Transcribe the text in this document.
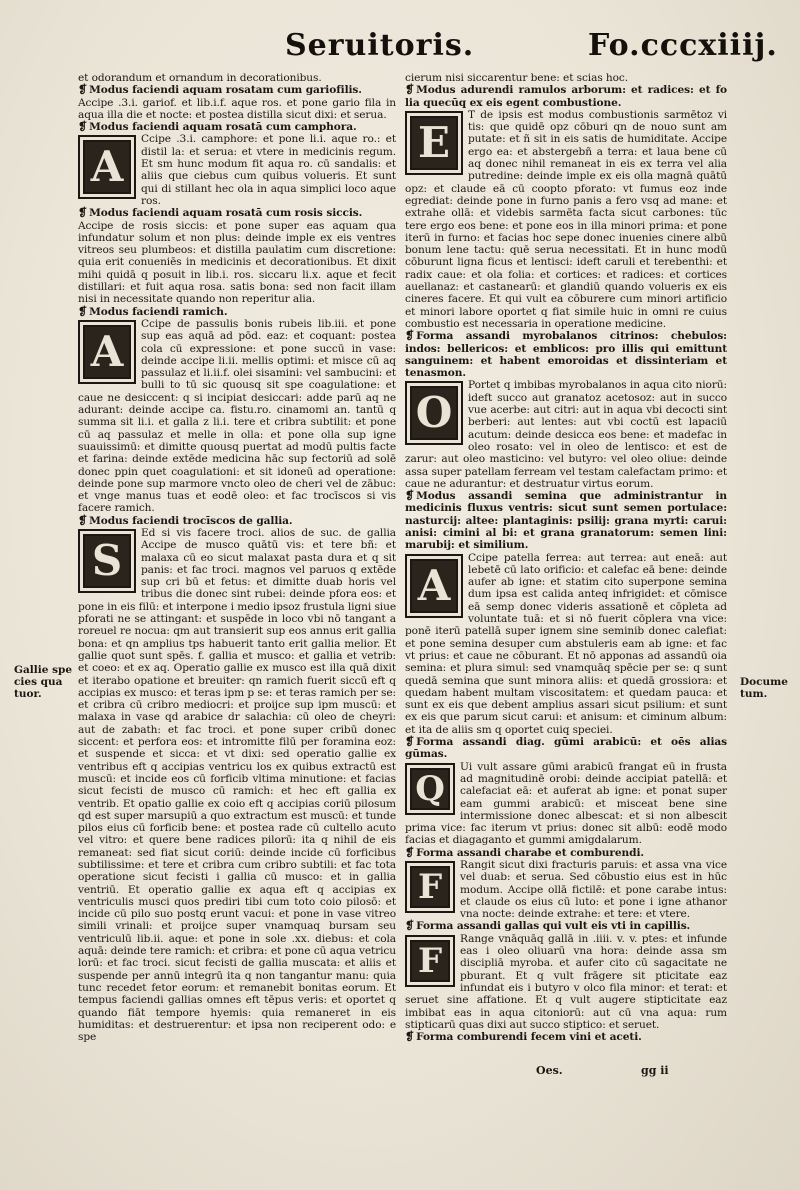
Seruitoris.	Fo.cccxiiij.

et odorandum et ornandum in decorationibus.

❡ Modus faciendi aquam rosatam cum gariofilis.

Accipe .3.i. gariof. et lib.i.f. aque ros. et pone gario fila in aqua illa die et nocte: et postea distilla sicut dixi: et serua.

❡ Modus faciendi aquam rosatā cum camphora.

A
Ccipe .3.i. camphore: et pone li.i. aque ro.: et distil la: et serua: et vtere in medicinis regum. Et sm hunc modum fit aqua ro. cū sandalis: et aliis que ciebus cum quibus volueris. Et sunt qui di stillant hec ola in aqua simplici loco aque ros.

❡ Modus faciendi aquam rosatā cum rosis siccis.

Accipe de rosis siccis: et pone super eas aquam qua infundatur solum et non plus: deinde imple ex eis ventres vitreos seu plumbeos: et distilla paulatim cum discretione: quia erit conueniēs in medicinis et decorationibus. Et dixit mihi quidā q posuit in lib.i. ros. siccaru li.x. aque et fecit distillari: et fuit aqua rosa. satis bona: sed non facit illam nisi in necessitate quando non reperitur alia.

❡ Modus faciendi ramich.

A
Ccipe de passulis bonis rubeis lib.iii. et pone sup eas aquā ad pōd. eaz: et coquant: postea cola cū expressione: et pone succū in vase: deinde accipe li.ii. mellis optimi: et misce cū aq passulaz et li.ii.f. olei sisamini: vel sambucini: et bulli to tū sic quousq sit spe coagulatione: et caue ne desiccent: q si incipiat desiccari: adde parū aq ne adurant: deinde accipe ca. fistu.ro. cinamomi an. tantū q summa sit li.i. et galla z li.i. tere et cribra subtilit: et pone cū aq passulaz et melle in olla: et pone olla sup igne suauissimū: et dimitte quousq puertat ad modū pultis facte et farina: deinde extēde medicina hāc sup fectoriū ad solē donec ppin quet coagulationi: et sit idoneū ad operatione: deinde pone sup marmore vncto oleo de cheri vel de zābuc: et vnge manus tuas et eodē oleo: et fac trocīscos si vis facere ramich.

❡ Modus faciendi trocīscos de gallia.

S
Ed si vis facere troci. alios de suc. de gallia Accipe de musco quātū vis: et tere bñ: et malaxa cū eo sicut malaxat pasta dura et q sit panis: et fac troci. magnos vel paruos q extēde sup cri bū et fetus: et dimitte duab horis vel tribus die donec sint rubei: deinde pfora eos: et pone in eis filū: et interpone i medio ipsoz frustula ligni siue pforati ne se attingant: et suspēde in loco vbi nō tangant a roreuel re nocua: qm aut transierit sup eos annus erit gallia bona: et qn amplius tps habuerit tanto erit gallia melior. Et gallie quot sunt spēs. f. gallia et musco: et gallia et vetrib: et coeo: et ex aq. Operatio gallie ex musco est illa quā dixit et iterabo opatione et breuiter: qn ramich fuerit siccū eft q accipias ex musco: et teras ipm p se: et teras ramich per se: et cribra cū cribro mediocri: et proijce sup ipm muscū: et malaxa in vase qd arabice dr salachia: cū oleo de cheyri: aut de zabath: et fac troci. et pone super cribū donec siccent: et perfora eos: et intromitte filū per foramina eoz: et suspende et sicca: et vt dixi: sed operatio gallie ex ventribus eft q accipias ventricu los ex quibus extractū est muscū: et incide eos cū forficib vltima minutione: et facias sicut fecisti de musco cū ramich: et hec eft gallia ex ventrib. Et opatio gallie ex coio eft q accipias coriū pilosum qd est super marsupiū a quo extractum est muscū: et tunde pilos eius cū forficib bene: et postea rade cū cultello acuto vel vitro: et quere bene radices pilorū: ita q nihil de eis remaneat: sed fiat sicut coriū: deinde incide cū forficibus subtilissime: et tere et cribra cum cribro subtili: et fac tota operatione sicut fecisti i gallia cū musco: et in gallia ventriū. Et operatio gallie ex aqua eft q accipias ex ventriculis musci quos prediri tibi cum toto coio pilosō: et incide cū pilo suo postq erunt vacui: et pone in vase vitreo simili vrinali: et proijce super vnamquaq bursam seu ventriculū lib.ii. aque: et pone in sole .xx. diebus: et cola aquā: deinde tere ramich: et cribra: et pone cū aqua vetricu lorū: et fac troci. sicut fecisti de gallia muscata: et aliis et suspende per annū integrū ita q non tangantur manu: quia tunc recedet fetor eorum: et remanebit bonitas eorum. Et tempus faciendi gallias omnes eft tēpus veris: et oportet q quando fiāt tempore hyemis: quia remaneret in eis humiditas: et destruerentur: et ipsa non reciperent odo: e spe

cierum nisi siccarentur bene: et scias hoc.

❡ Modus adurendi ramulos arborum: et radices: et fo lia quecūq ex eis egent combustione.

E
T de ipsis est modus combustionis sarmētoz vi tis: que quidē opz cōburi qn de nouo sunt am putate: et ñ sit in eis satis de humiditate. Accipe ergo ea: et abstergebñ a terra: et laua bene cū aq donec nihil remaneat in eis ex terra vel alia putredine: deinde imple ex eis olla magnā quātū opz: et claude eā cū coopto pforato: vt fumus eoz inde egrediat: deinde pone in furno panis a fero vsq ad mane: et extrahe ollā: et videbis sarmēta facta sicut carbones: tūc tere ergo eos bene: et pone eos in illa minori prima: et pone iterū in furno: et facias hoc sepe donec inuenies cinere albū bonum lene tactu: quē serua necessitati. Et in hunc modū cōburunt ligna ficus et lentisci: ideft caruli et terebenthi: et radix caue: et ola folia: et cortices: et radices: et cortices auellanaz: et castanearū: et glandiū quando volueris ex eis cineres facere. Et qui vult ea cōburere cum minori artificio et minori labore oportet q fiat simile huic in omni re cuius combustio est necessaria in operatione medicine.

❡ Forma assandi myrobalanos citrinos: chebulos: indos: bellericos: et emblicos: pro illis qui emittunt sanguinem: et habent emoroidas et dissinteriam et tenasmon.

O
Portet q imbibas myrobalanos in aqua cito niorū: ideft succo aut granatoz acetosoz: aut in succo vue acerbe: aut citri: aut in aqua vbi decocti sint berberi: aut lentes: aut vbi coctū est lapaciū acutum: deinde desicca eos bene: et madefac in oleo rosato: vel in oleo de lentisco: et est de zarur: aut oleo masticino: vel butyro: vel oleo oliue: deinde assa super patellam ferream vel testam calefactam primo: et caue ne adurantur: et destruatur virtus eorum.

❡ Modus assandi semina que administrantur in medicinis fluxus ventris: sicut sunt semen portulace: nasturcij: altee: plantaginis: psilij: grana myrti: carui: anisi: cimini al bi: et grana granatorum: semen lini: marubij: et similium.

A
Ccipe patella ferrea: aut terrea: aut eneā: aut lebetē cū lato orificio: et calefac eā bene: deinde aufer ab igne: et statim cito superpone semina dum ipsa est calida anteq infrigidet: et cōmisce eā semp donec videris assationē et cōpleta ad voluntate tuā: et si nō fuerit cōplera vna vice: ponē iterū patellā super ignem sine seminib donec calefiat: et pone semina desuper cum abstuleris eam ab igne: et fac vt prius: et caue ne cōburant. Et nō apponas ad assandū oia semina: et plura simul: sed vnamquāq spēcie per se: q sunt quedā semina que sunt minora aliis: et quedā grossiora: et quedam habent multam viscositatem: et quedam pauca: et sunt ex eis que debent amplius assari sicut psilium: et sunt ex eis que parum sicut carui: et anisum: et ciminum album: et ita de aliis sm q oportet cuiq speciei.

❡ Forma assandi diag. gūmi arabicū: et oēs alias gūmas.

Q
Ui vult assare gūmi arabicū frangat eū in frusta ad magnitudinē orobi: deinde accipiat patellā: et calefaciat eā: et auferat ab igne: et ponat super eam gummi arabicū: et misceat bene sine intermissione donec albescat: et si non albescit prima vice: fac iterum vt prius: donec sit albū: eodē modo facias et diagaganto et gummi amigdalarum.

❡ Forma assandi charabe et comburendi.

F
Rangit sicut dixi fracturis paruis: et assa vna vice vel duab: et serua. Sed cōbustio eius est in hūc modum. Accipe ollā fictilē: et pone carabe intus: et claude os eius cū luto: et pone i igne athanor vna nocte: deinde extrahe: et tere: et vtere.

❡ Forma assandi gallas qui vult eis vti in capillis.

F
Range vnāquāq gallā in .iiii. v. v. ptes: et infunde eas i oleo oliuarū vna hora: deinde assa sm discipliā myroba. et aufer cito cū sagacitate ne pburant. Et q vult frāgere sit pticitate eaz infundat eis i butyro v olco fila minor: et terat: et seruet sine affatione. Et q vult augere stipticitate eaz imbibat eas in aqua citoniorū: aut cū vna aqua: rum stipticarū quas dixi aut succo stiptico: et seruet.

❡ Forma comburendi fecem vini et aceti.

Gallie spe cies qua tuor.
Docume tum.
Oes.	gg ii
